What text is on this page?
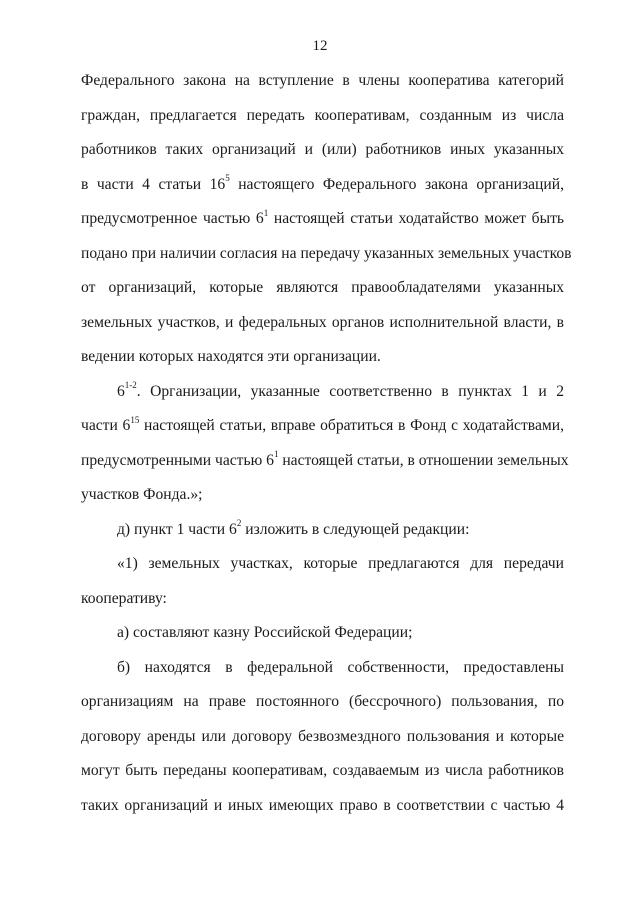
12
Федерального закона на вступление в члены кооператива категорий
граждан, предлагается передать кооперативам, созданным из числа
работников таких организаций и (или) работников иных указанных
в части 4 статьи $16^5$ настоящего Федерального закона организаций,
предусмотренное частью $6^1$ настоящей статьи ходатайство может быть
подано при наличии согласия на передачу указанных земельных участков
от организаций, которые являются правообладателями указанных
земельных участков, и федеральных органов исполнительной власти, в
ведении которых находятся эти организации.
6$^{1-2}$. Организации, указанные соответственно в пунктах 1 и 2
части $6^{15}$ настоящей статьи, вправе обратиться в Фонд с ходатайствами,
предусмотренными частью $6^1$ настоящей статьи, в отношении земельных
участков Фонда.»;
д) пункт 1 части $6^2$ изложить в следующей редакции:
«1) земельных участках, которые предлагаются для передачи
кооперативу:
а) составляют казну Российской Федерации;
б) находятся в федеральной собственности, предоставлены
организациям на праве постоянного (бессрочного) пользования, по
договору аренды или договору безвозмездного пользования и которые
могут быть переданы кооперативам, создаваемым из числа работников
таких организаций и иных имеющих право в соответствии с частью 4
